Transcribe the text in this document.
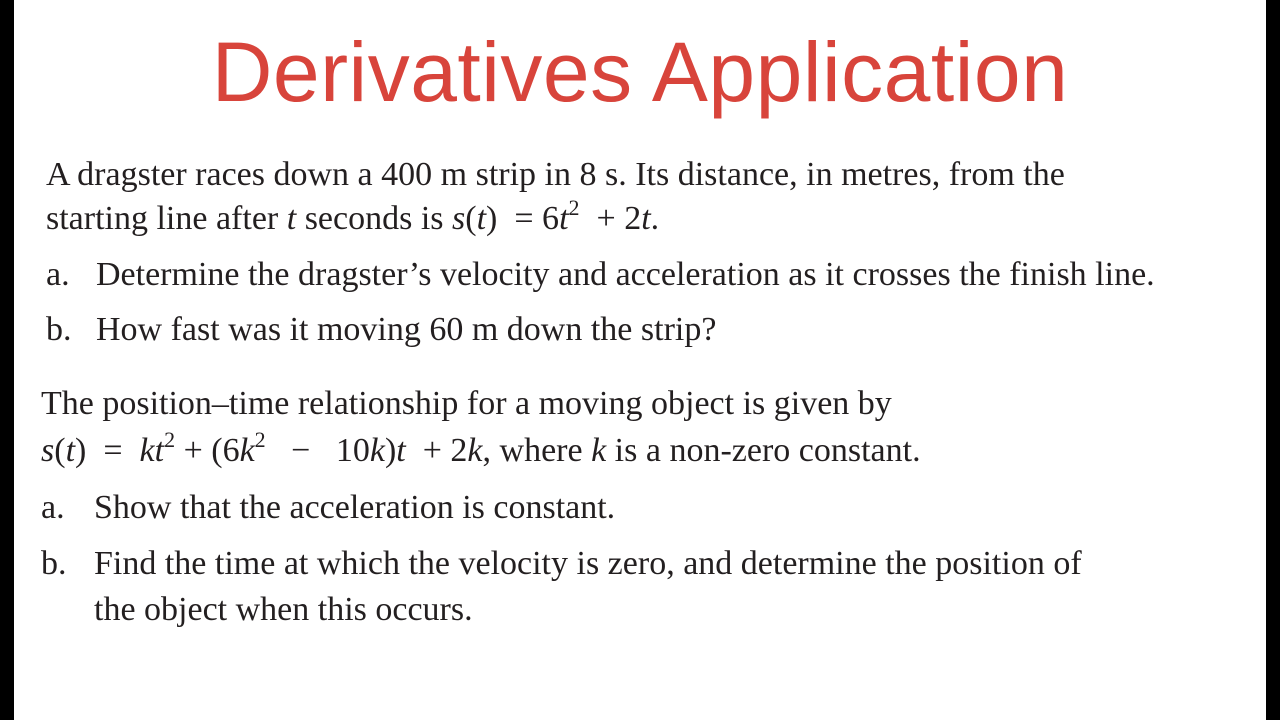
Derivatives Application
A dragster races down a 400 m strip in 8 s. Its distance, in metres, from the
starting line after t seconds is $s(t) = 6t^2 + 2t$.
a. Determine the dragster’s velocity and acceleration as it crosses the finish line.
b. How fast was it moving 60 m down the strip?
The position–time relationship for a moving object is given by
$s(t) = kt^2 + (6k^2 - 10k)t + 2k$, where k is a non-zero constant.
a. Show that the acceleration is constant.
b. Find the time at which the velocity is zero, and determine the position of
the object when this occurs.
